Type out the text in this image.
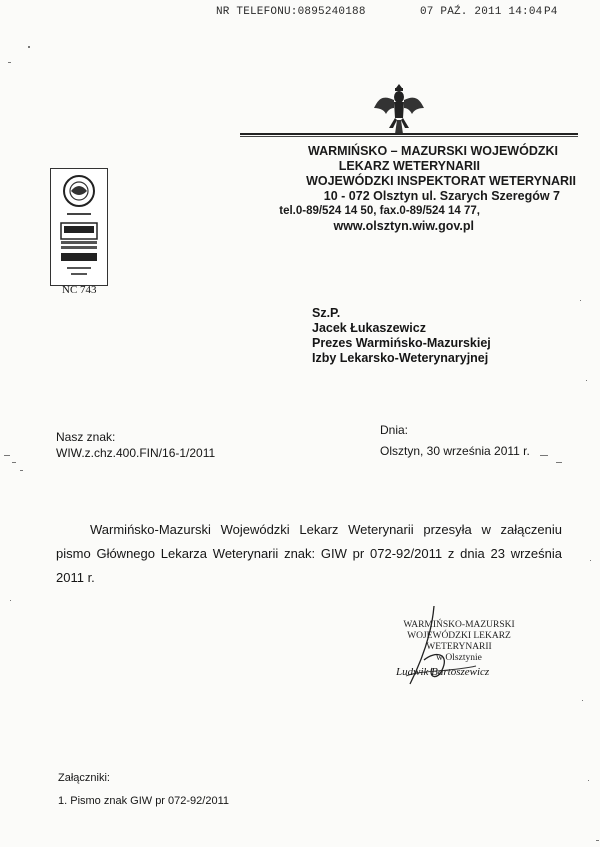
NR TELEFONU:0895240188	07 PAŹ. 2011 14:04 P4
WARMIŃSKO – MAZURSKI WOJEWÓDZKI
LEKARZ WETERYNARII
WOJEWÓDZKI INSPEKTORAT WETERYNARII
10 - 072 Olsztyn ul. Szarych Szeregów 7
tel.0-89/524 14 50, fax.0-89/524 14 77,
www.olsztyn.wiw.gov.pl
NC 743
Sz.P.
Jacek Łukaszewicz
Prezes Warmińsko-Mazurskiej
Izby Lekarsko-Weterynaryjnej
Nasz znak:
WIW.z.chz.400.FIN/16-1/2011
Dnia:
Olsztyn, 30 września 2011 r.
Warmińsko-Mazurski Wojewódzki Lekarz Weterynarii przesyła w załączeniu pismo Głównego Lekarza Weterynarii znak: GIW pr 072-92/2011 z dnia 23 września 2011 r.
WARMIŃSKO-MAZURSKI
WOJEWÓDZKI LEKARZ WETERYNARII
w Olsztynie
Ludwik Bartoszewicz
Załączniki:
1. Pismo znak GIW pr 072-92/2011
